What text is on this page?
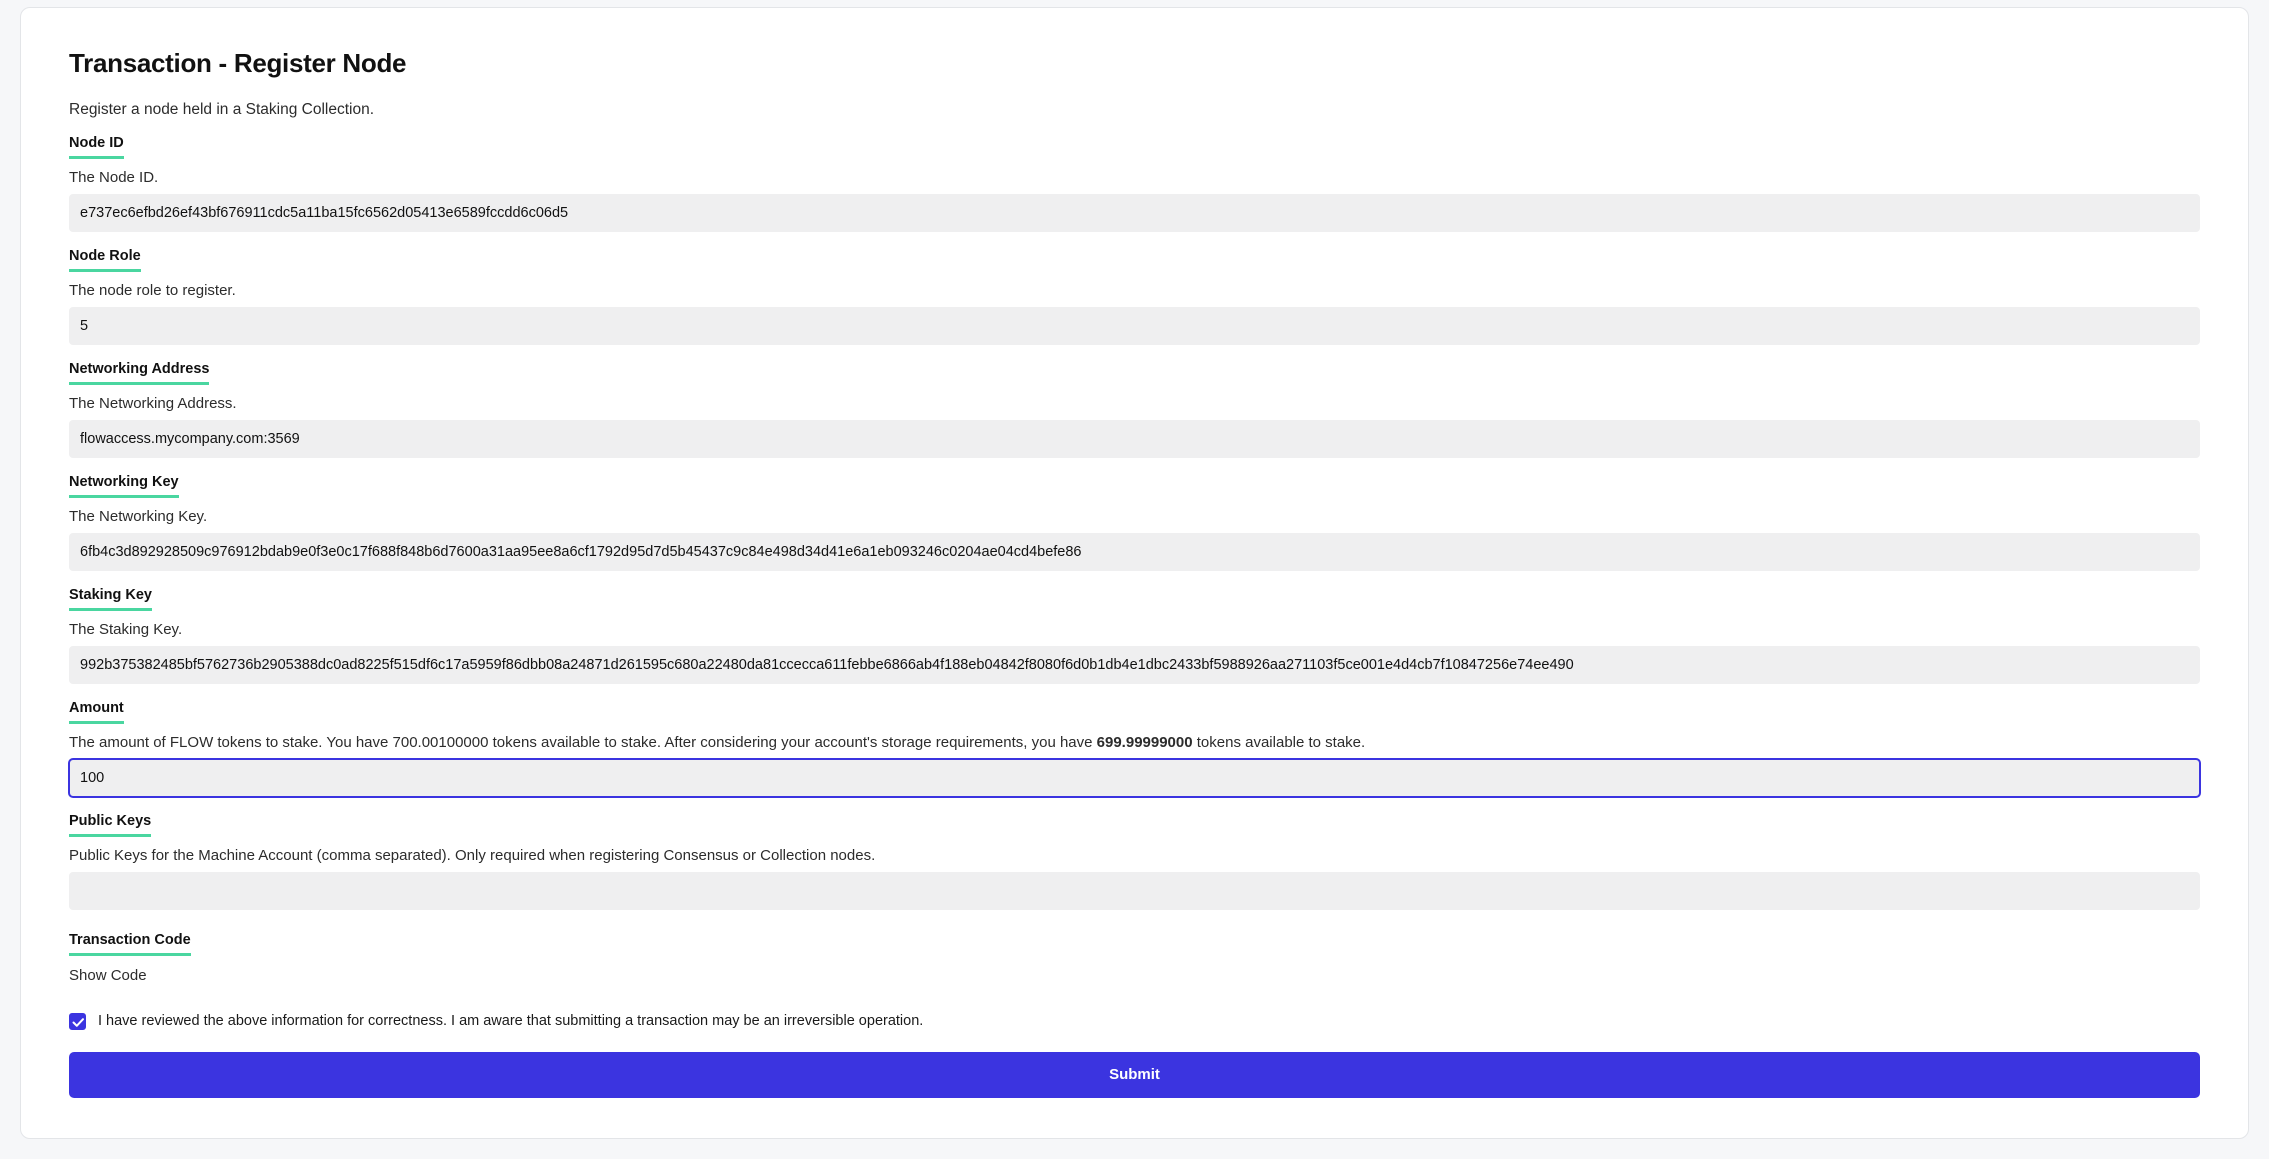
Transaction - Register Node

Register a node held in a Staking Collection.

Node ID
The Node ID.
e737ec6efbd26ef43bf676911cdc5a11ba15fc6562d05413e6589fccdd6c06d5
Node Role
The node role to register.
5
Networking Address
The Networking Address.
flowaccess.mycompany.com:3569
Networking Key
The Networking Key.
6fb4c3d892928509c976912bdab9e0f3e0c17f688f848b6d7600a31aa95ee8a6cf1792d95d7d5b45437c9c84e498d34d41e6a1eb093246c0204ae04cd4befe86
Staking Key
The Staking Key.
992b375382485bf5762736b2905388dc0ad8225f515df6c17a5959f86dbb08a24871d261595c680a22480da81ccecca611febbe6866ab4f188eb04842f8080f6d0b1db4e1dbc2433bf5988926aa271103f5ce001e4d4cb7f10847256e74ee490
Amount
The amount of FLOW tokens to stake. You have 700.00100000 tokens available to stake. After considering your account's storage requirements, you have 699.99999000 tokens available to stake.
100
Public Keys
Public Keys for the Machine Account (comma separated). Only required when registering Consensus or Collection nodes.
Transaction Code
Show Code
I have reviewed the above information for correctness. I am aware that submitting a transaction may be an irreversible operation.
Submit
